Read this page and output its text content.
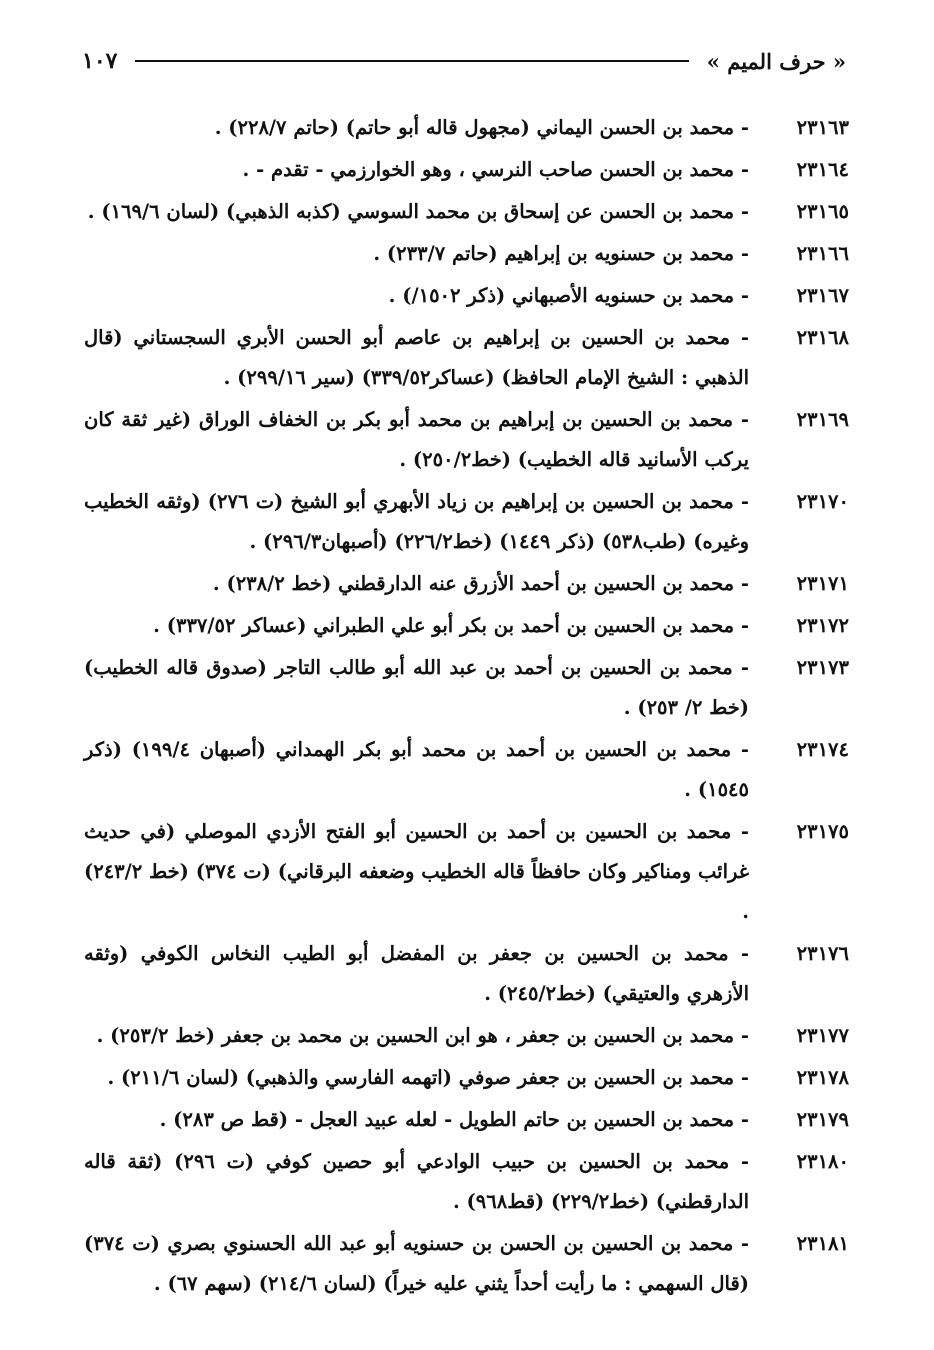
« حرف الميم »
١٠٧
٢٣١٦٣
- محمد بن الحسن اليماني (مجهول قاله أبو حاتم) (حاتم ٢٢٨/٧) .
٢٣١٦٤
- محمد بن الحسن صاحب النرسي ، وهو الخوارزمي - تقدم - .
٢٣١٦٥
- محمد بن الحسن عن إسحاق بن محمد السوسي (كذبه الذهبي) (لسان ١٦٩/٦) .
٢٣١٦٦
- محمد بن حسنويه بن إبراهيم (حاتم ٢٣٣/٧) .
٢٣١٦٧
- محمد بن حسنويه الأصبهاني (ذكر ١٥٠٢/) .
٢٣١٦٨
- محمد بن الحسين بن إبراهيم بن عاصم أبو الحسن الأبري السجستاني (قال الذهبي : الشيخ الإمام الحافظ) (عساكر٣٣٩/٥٢) (سير ٢٩٩/١٦) .
٢٣١٦٩
- محمد بن الحسين بن إبراهيم بن محمد أبو بكر بن الخفاف الوراق (غير ثقة كان يركب الأسانيد قاله الخطيب) (خط٢٥٠/٢) .
٢٣١٧٠
- محمد بن الحسين بن إبراهيم بن زياد الأبهري أبو الشيخ (ت ٢٧٦) (وثقه الخطيب وغيره) (طب٥٣٨) (ذكر ١٤٤٩) (خط٢٢٦/٢) (أصبهان٢٩٦/٣) .
٢٣١٧١
- محمد بن الحسين بن أحمد الأزرق عنه الدارقطني (خط ٢٣٨/٢) .
٢٣١٧٢
- محمد بن الحسين بن أحمد بن بكر أبو علي الطبراني (عساكر ٣٣٧/٥٢) .
٢٣١٧٣
- محمد بن الحسين بن أحمد بن عبد الله أبو طالب التاجر (صدوق قاله الخطيب) (خط ٢/ ٢٥٣) .
٢٣١٧٤
- محمد بن الحسين بن أحمد بن محمد أبو بكر الهمداني (أصبهان ١٩٩/٤) (ذكر ١٥٤٥) .
٢٣١٧٥
- محمد بن الحسين بن أحمد بن الحسين أبو الفتح الأزدي الموصلي (في حديث غرائب ومناكير وكان حافظاً قاله الخطيب وضعفه البرقاني) (ت ٣٧٤) (خط ٢٤٣/٢) .
٢٣١٧٦
- محمد بن الحسين بن جعفر بن المفضل أبو الطيب النخاس الكوفي (وثقه الأزهري والعتيقي) (خط٢٤٥/٢) .
٢٣١٧٧
- محمد بن الحسين بن جعفر ، هو ابن الحسين بن محمد بن جعفر (خط ٢٥٣/٢) .
٢٣١٧٨
- محمد بن الحسين بن جعفر صوفي (اتهمه الفارسي والذهبي) (لسان ٢١١/٦) .
٢٣١٧٩
- محمد بن الحسين بن حاتم الطويل - لعله عبيد العجل - (قط ص ٢٨٣) .
٢٣١٨٠
- محمد بن الحسين بن حبيب الوادعي أبو حصين كوفي (ت ٢٩٦) (ثقة قاله الدارقطني) (خط٢٢٩/٢) (قط٩٦٨) .
٢٣١٨١
- محمد بن الحسين بن الحسن بن حسنويه أبو عبد الله الحسنوي بصري (ت ٣٧٤) (قال السهمي : ما رأيت أحداً يثني عليه خيراً) (لسان ٢١٤/٦) (سهم ٦٧) .
